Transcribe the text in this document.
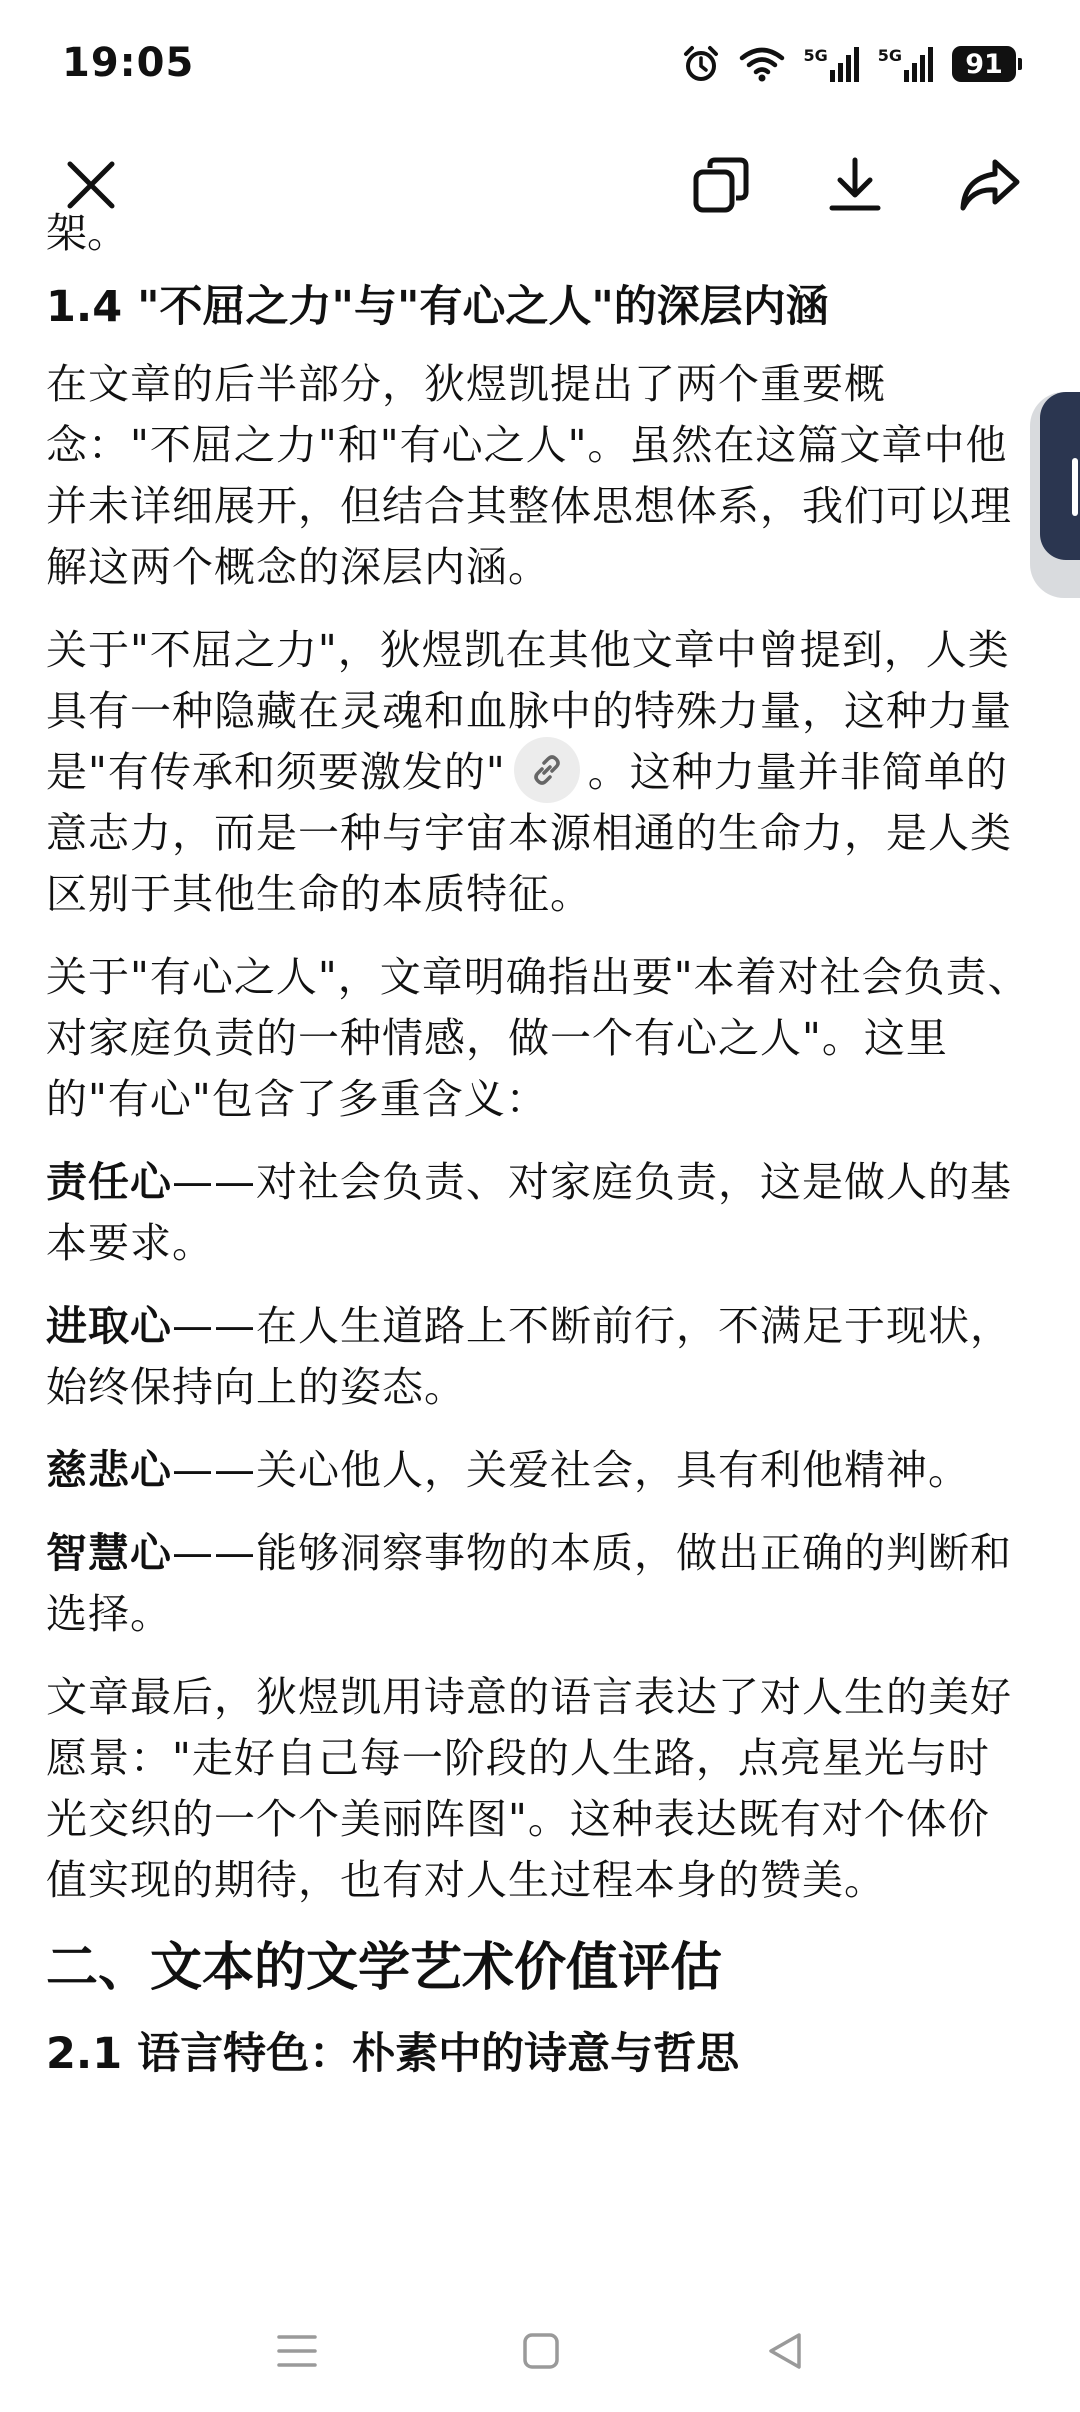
19:05	5G	5G 91
架。
1.4 "不屈之力"与"有心之人"的深层内涵

在文章的后半部分，狄煜凯提出了两个重要概念："不屈之力"和"有心之人"。虽然在这篇文章中他并未详细展开，但结合其整体思想体系，我们可以理解这两个概念的深层内涵。

关于"不屈之力"，狄煜凯在其他文章中曾提到，人类具有一种隐藏在灵魂和血脉中的特殊力量，这种力量是"有传承和须要激发的" 。这种力量并非简单的意志力，而是一种与宇宙本源相通的生命力，是人类区别于其他生命的本质特征。

关于"有心之人"，文章明确指出要"本着对社会负责、对家庭负责的一种情感，做一个有心之人"。这里的"有心"包含了多重含义：

责任心——对社会负责、对家庭负责，这是做人的基本要求。

进取心——在人生道路上不断前行，不满足于现状，始终保持向上的姿态。

慈悲心——关心他人，关爱社会，具有利他精神。

智慧心——能够洞察事物的本质，做出正确的判断和选择。

文章最后，狄煜凯用诗意的语言表达了对人生的美好愿景："走好自己每一阶段的人生路，点亮星光与时光交织的一个个美丽阵图"。这种表达既有对个体价值实现的期待，也有对人生过程本身的赞美。

二、文本的文学艺术价值评估
2.1 语言特色：朴素中的诗意与哲思
